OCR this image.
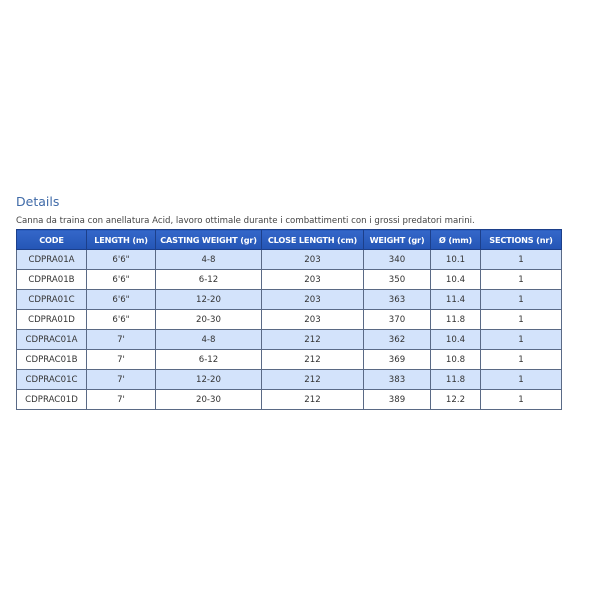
Details
Canna da traina con anellatura Acid, lavoro ottimale durante i combattimenti con i grossi predatori marini.
CODE	LENGTH (m)	CASTING WEIGHT (gr)	CLOSE LENGTH (cm)	WEIGHT (gr)	Ø (mm)	SECTIONS (nr)
CDPRA01A	6'6"	4-8	203	340	10.1	1
CDPRA01B	6'6"	6-12	203	350	10.4	1
CDPRA01C	6'6"	12-20	203	363	11.4	1
CDPRA01D	6'6"	20-30	203	370	11.8	1
CDPRAC01A	7'	4-8	212	362	10.4	1
CDPRAC01B	7'	6-12	212	369	10.8	1
CDPRAC01C	7'	12-20	212	383	11.8	1
CDPRAC01D	7'	20-30	212	389	12.2	1
